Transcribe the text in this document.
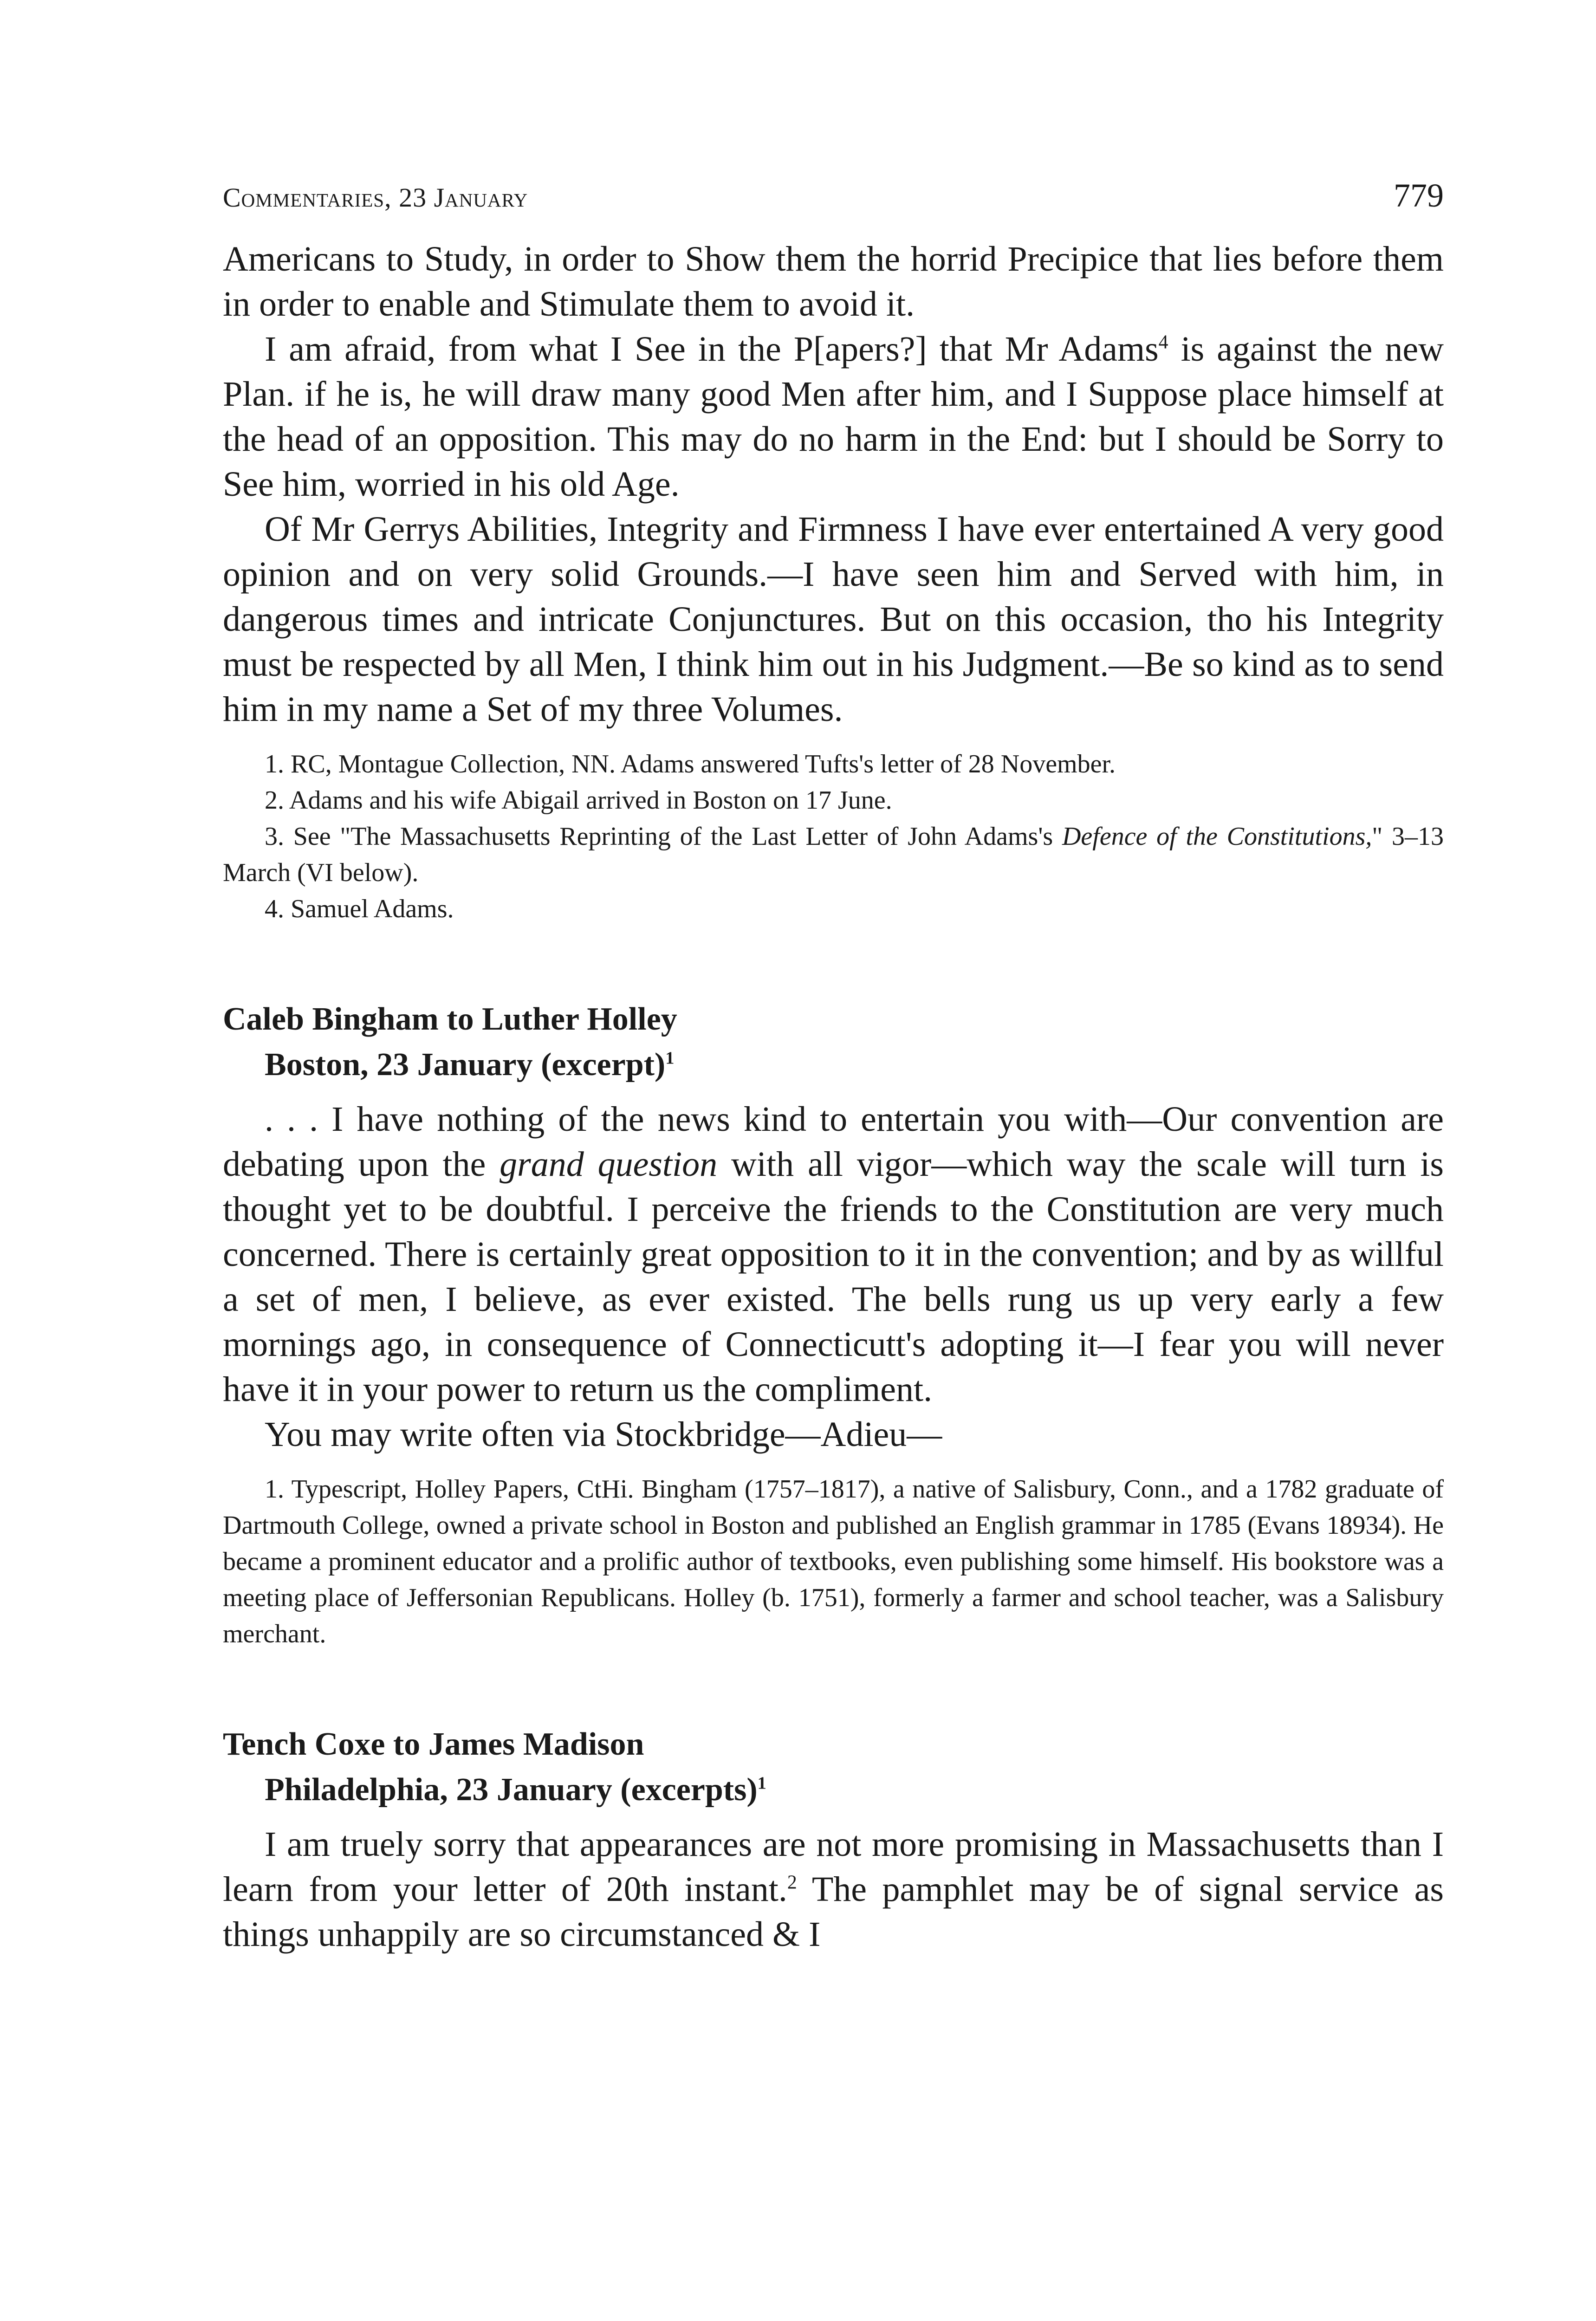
Commentaries, 23 January	779

Americans to Study, in order to Show them the horrid Precipice that lies before them in order to enable and Stimulate them to avoid it.

I am afraid, from what I See in the P[apers?] that Mr Adams$^4$ is against the new Plan. if he is, he will draw many good Men after him, and I Suppose place himself at the head of an opposition. This may do no harm in the End: but I should be Sorry to See him, worried in his old Age.

Of Mr Gerrys Abilities, Integrity and Firmness I have ever entertained A very good opinion and on very solid Grounds.—I have seen him and Served with him, in dangerous times and intricate Conjunctures. But on this occasion, tho his Integrity must be respected by all Men, I think him out in his Judgment.—Be so kind as to send him in my name a Set of my three Volumes.

1. RC, Montague Collection, NN. Adams answered Tufts's letter of 28 November.

2. Adams and his wife Abigail arrived in Boston on 17 June.

3. See "The Massachusetts Reprinting of the Last Letter of John Adams's Defence of the Constitutions," 3–13 March (VI below).

4. Samuel Adams.

Caleb Bingham to Luther Holley

Boston, 23 January (excerpt)$^1$

. . . I have nothing of the news kind to entertain you with—Our convention are debating upon the grand question with all vigor—which way the scale will turn is thought yet to be doubtful. I perceive the friends to the Constitution are very much concerned. There is certainly great opposition to it in the convention; and by as willful a set of men, I believe, as ever existed. The bells rung us up very early a few mornings ago, in consequence of Connecticutt's adopting it—I fear you will never have it in your power to return us the compliment.

You may write often via Stockbridge—Adieu—

1. Typescript, Holley Papers, CtHi. Bingham (1757–1817), a native of Salisbury, Conn., and a 1782 graduate of Dartmouth College, owned a private school in Boston and published an English grammar in 1785 (Evans 18934). He became a prominent educator and a prolific author of textbooks, even publishing some himself. His bookstore was a meeting place of Jeffersonian Republicans. Holley (b. 1751), formerly a farmer and school teacher, was a Salisbury merchant.

Tench Coxe to James Madison

Philadelphia, 23 January (excerpts)$^1$

I am truely sorry that appearances are not more promising in Massachusetts than I learn from your letter of 20th instant.$^2$ The pamphlet may be of signal service as things unhappily are so circumstanced & I
